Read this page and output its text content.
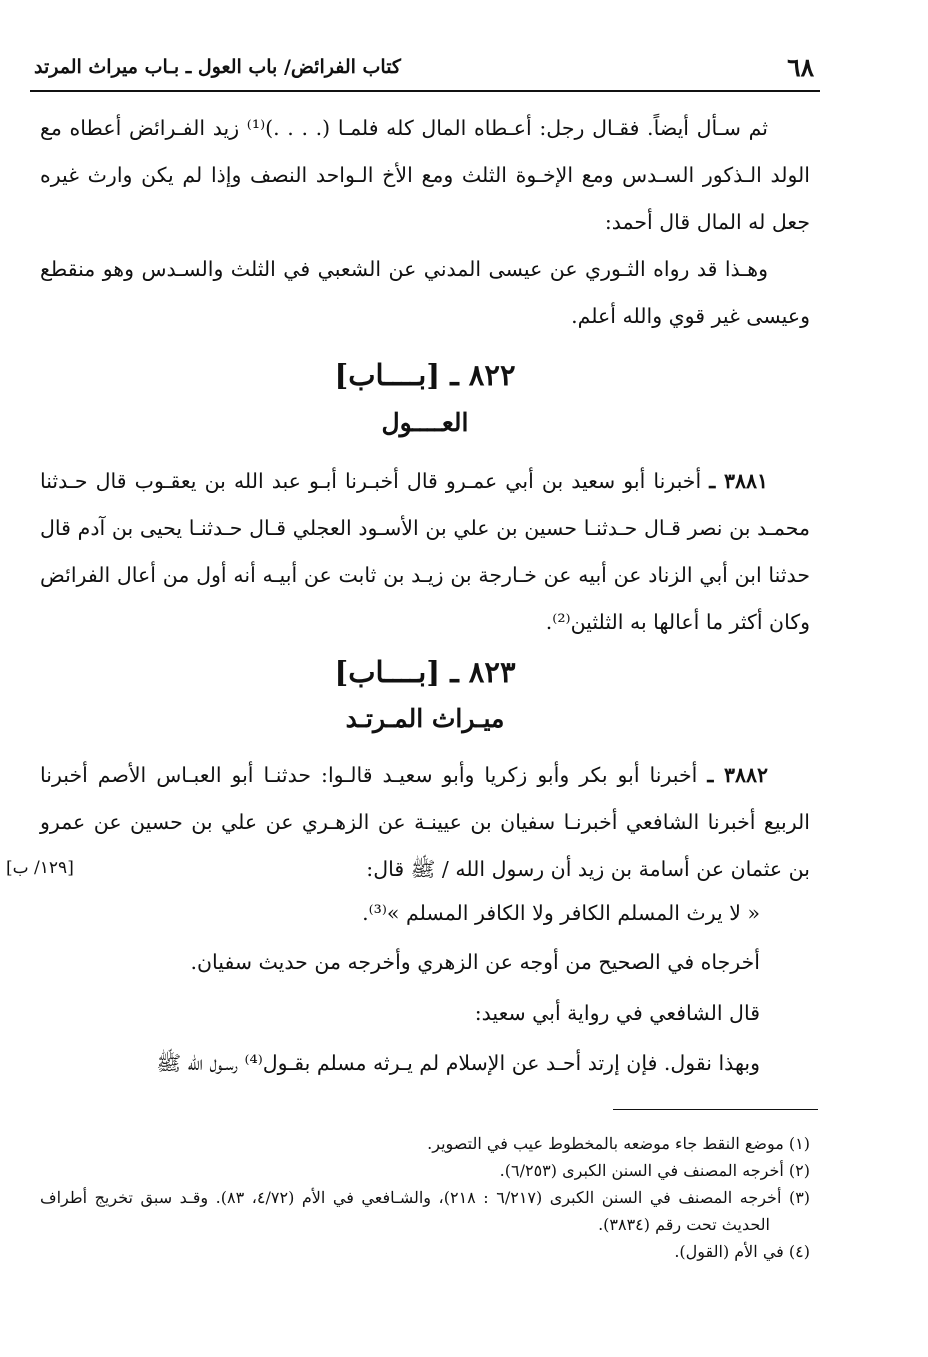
٦٨
كتاب الفرائض/ باب العول ـ بـاب ميراث المرتد

ثم سـأل أيضاً. فقـال رجل: أعـطاه المال كله فلمـا (. . . .)⁽¹⁾ زيد الفـرائض أعطاه مع الولد الـذكور السـدس ومع الإخـوة الثلث ومع الأخ الـواحد النصف وإذا لم يكن وارث غيره جعل له المال قال أحمد:

وهـذا قد رواه الثـوري عن عيسى المدني عن الشعبي في الثلث والسـدس وهو منقطع وعيسى غير قوي والله أعلم.

٨٢٢ ـ [بــــاب]
العــــول

٣٨٨١ ـ أخبرنا أبو سعيد بن أبي عمـرو قال أخبـرنا أبـو عبد الله بن يعقـوب قال حـدثنا محمـد بن نصر قـال حـدثنـا حسين بن علي بن الأسـود العجلي قـال حـدثنـا يحيى بن آدم قال حدثنا ابن أبي الزناد عن أبيه عن خـارجة بن زيـد بن ثابت عن أبيـه أنه أول من أعال الفرائض وكان أكثر ما أعالها به الثلثين⁽²⁾.

٨٢٣ ـ [بــــاب]
ميـراث المـرتـد

٣٨٨٢ ـ أخبرنا أبو بكر وأبو زكريا وأبو سعيـد قالـوا: حدثنـا أبو العبـاس الأصم أخبرنا الربيع أخبرنا الشافعي أخبرنـا سفيان بن عيينـة عن الزهـري عن علي بن حسين عن عمرو بن عثمان عن أسامة بن زيد أن رسول الله / ﷺ قال:

[١٢٩/ ب]

« لا يرث المسلم الكافر ولا الكافر المسلم »⁽³⁾.

أخرجاه في الصحيح من أوجه عن الزهري وأخرجه من حديث سفيان.

قال الشافعي في رواية أبي سعيد:

وبهذا نقول. فإن إرتد أحـد عن الإسلام لم يـرثه مسلم بقـول⁽⁴⁾ رسـول الله ﷺ

(١) موضع النقط جاء موضعه بالمخطوط عيب في التصوير.
(٢) أخرجه المصنف في السنن الكبرى (٦/٢٥٣).
(٣) أخرجه المصنف في السنن الكبرى (٦/٢١٧ : ٢١٨)، والشـافعي في الأم (٤/٧٢، ٨٣). وقـد سبق تخريج أطراف الحديث تحت رقم (٣٨٣٤).
(٤) في الأم (القول).
